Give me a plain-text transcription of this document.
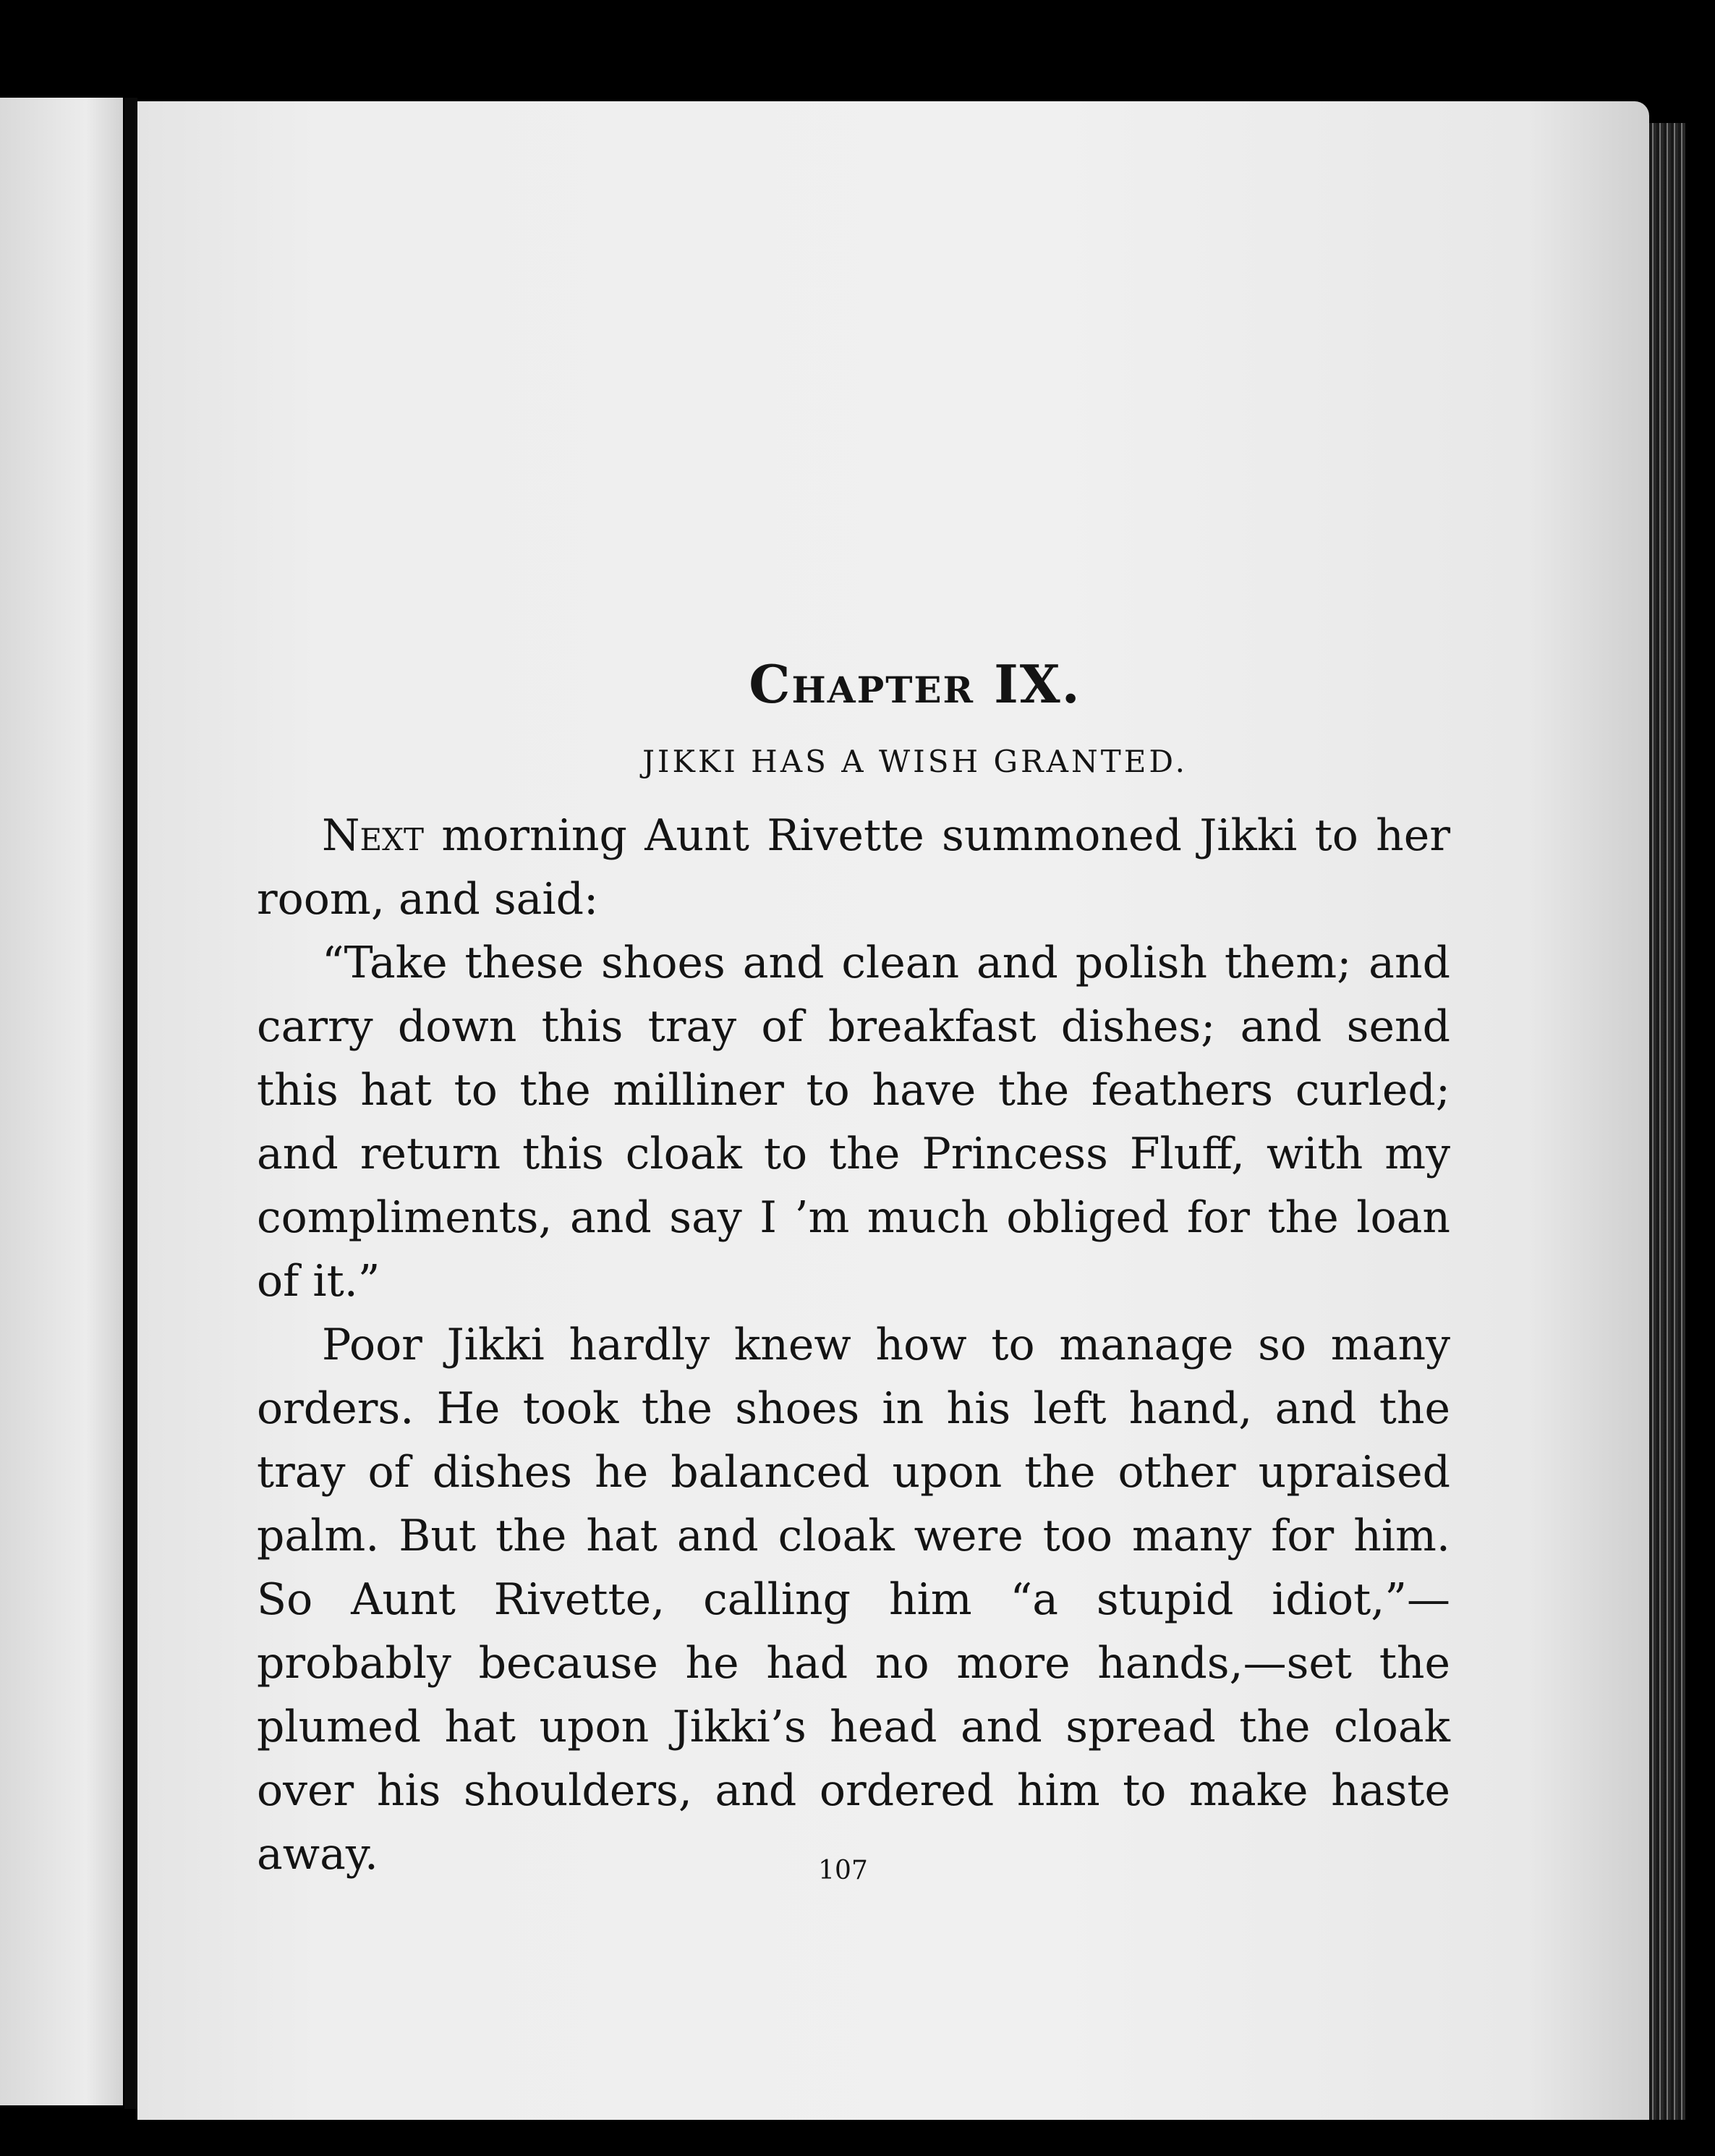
Chapter IX.
JIKKI HAS A WISH GRANTED.

Next morning Aunt Rivette summoned Jikki to her room, and said:

“Take these shoes and clean and polish them; and carry down this tray of breakfast dishes; and send this hat to the milliner to have the feathers curled; and return this cloak to the Princess Fluff, with my compliments, and say I ’m much obliged for the loan of it.”

Poor Jikki hardly knew how to manage so many orders. He took the shoes in his left hand, and the tray of dishes he balanced upon the other upraised palm. But the hat and cloak were too many for him. So Aunt Rivette, calling him “a stupid idiot,”—probably because he had no more hands,—set the plumed hat upon Jikki’s head and spread the cloak over his shoulders, and ordered him to make haste away.	107
